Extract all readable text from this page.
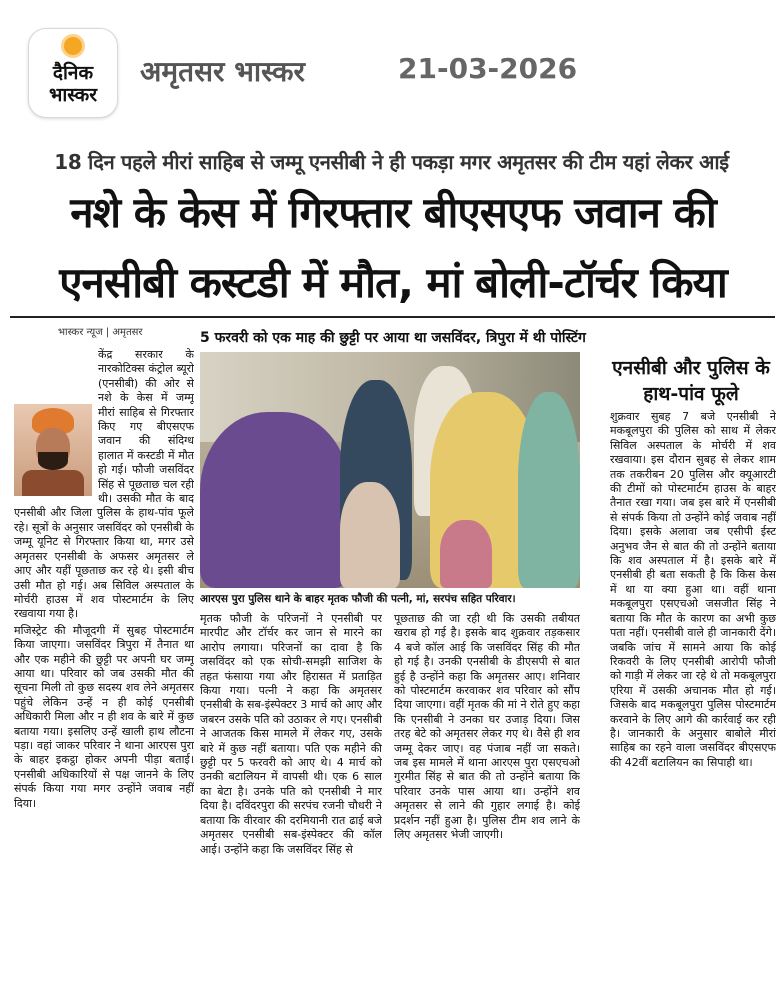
दैनिक
भास्कर
अमृतसर भास्कर	21-03-2026
18 दिन पहले मीरां साहिब से जम्मू एनसीबी ने ही पकड़ा मगर अमृतसर की टीम यहां लेकर आई
नशे के केस में गिरफ्तार बीएसएफ जवान की
एनसीबी कस्टडी में मौत, मां बोली-टॉर्चर किया
भास्कर न्यूज | अमृतसर	5 फरवरी को एक माह की छुट्टी पर आया था जसविंदर, त्रिपुरा में थी पोस्टिंग

केंद्र सरकार के नारकोटिक्स कंट्रोल ब्यूरो (एनसीबी) की ओर से नशे के केस में जम्मू मीरां साहिब से गिरफ्तार किए गए बीएसएफ जवान की संदिग्ध हालात में कस्टडी में मौत हो गई। फौजी जसविंदर सिंह से पूछताछ चल रही थी। उसकी मौत के बाद एनसीबी और जिला पुलिस के हाथ-पांव फूले रहे। सूत्रों के अनुसार जसविंदर को एनसीबी के जम्मू यूनिट से गिरफ्तार किया था, मगर उसे अमृतसर एनसीबी के अफसर अमृतसर ले आए और यहीं पूछताछ कर रहे थे। इसी बीच उसी मौत हो गई। अब सिविल अस्पताल के मोर्चरी हाउस में शव पोस्टमार्टम के लिए रखवाया गया है।

मजिस्ट्रेट की मौजूदगी में सुबह पोस्टमार्टम किया जाएगा। जसविंदर त्रिपुरा में तैनात था और एक महीने की छुट्टी पर अपनी घर जम्मू आया था। परिवार को जब उसकी मौत की सूचना मिली तो कुछ सदस्य शव लेने अमृतसर पहुंचे लेकिन उन्हें न ही कोई एनसीबी अधिकारी मिला और न ही शव के बारे में कुछ बताया गया। इसलिए उन्हें खाली हाथ लौटना पड़ा। वहां जाकर परिवार ने थाना आरएस पुरा के बाहर इकट्ठा होकर अपनी पीड़ा बताई। एनसीबी अधिकारियों से पक्ष जानने के लिए संपर्क किया गया मगर उन्होंने जवाब नहीं दिया।

आरएस पुरा पुलिस थाने के बाहर मृतक फौजी की पत्नी, मां, सरपंच सहित परिवार।
मृतक फौजी के परिजनों ने एनसीबी पर मारपीट और टॉर्चर कर जान से मारने का आरोप लगाया। परिजनों का दावा है कि जसविंदर को एक सोची-समझी साजिश के तहत फंसाया गया और हिरासत में प्रताड़ित किया गया। पत्नी ने कहा कि अमृतसर एनसीबी के सब-इंस्पेक्टर 3 मार्च को आए और जबरन उसके पति को उठाकर ले गए। एनसीबी ने आजतक किस मामले में लेकर गए, उसके बारे में कुछ नहीं बताया। पति एक महीने की छुट्टी पर 5 फरवरी को आए थे। 4 मार्च को उनकी बटालियन में वापसी थी। एक 6 साल का बेटा है। उनके पति को एनसीबी ने मार दिया है। दविंदरपुरा की सरपंच रजनी चौधरी ने बताया कि वीरवार की दरमियानी रात ढाई बजे अमृतसर एनसीबी सब-इंस्पेक्टर की कॉल आई। उन्होंने कहा कि जसविंदर सिंह से
पूछताछ की जा रही थी कि उसकी तबीयत खराब हो गई है। इसके बाद शुक्रवार तड़कसार 4 बजे कॉल आई कि जसविंदर सिंह की मौत हो गई है। उनकी एनसीबी के डीएसपी से बात हुई है उन्होंने कहा कि अमृतसर आए। शनिवार को पोस्टमार्टम करवाकर शव परिवार को सौंप दिया जाएगा। वहीं मृतक की मां ने रोते हुए कहा कि एनसीबी ने उनका घर उजाड़ दिया। जिस तरह बेटे को अमृतसर लेकर गए थे। वैसे ही शव जम्मू देकर जाए। वह पंजाब नहीं जा सकते। जब इस मामले में थाना आरएस पुरा एसएचओ गुरमीत सिंह से बात की तो उन्होंने बताया कि परिवार उनके पास आया था। उन्होंने शव अमृतसर से लाने की गुहार लगाई है। कोई प्रदर्शन नहीं हुआ है। पुलिस टीम शव लाने के लिए अमृतसर भेजी जाएगी।
एनसीबी और पुलिस के हाथ-पांव फूले
शुक्रवार सुबह 7 बजे एनसीबी ने मकबूलपुरा की पुलिस को साथ में लेकर सिविल अस्पताल के मोर्चरी में शव रखवाया। इस दौरान सुबह से लेकर शाम तक तकरीबन 20 पुलिस और क्यूआरटी की टीमों को पोस्टमार्टम हाउस के बाहर तैनात रखा गया। जब इस बारे में एनसीबी से संपर्क किया तो उन्होंने कोई जवाब नहीं दिया। इसके अलावा जब एसीपी ईस्ट अनुभव जैन से बात की तो उन्होंने बताया कि शव अस्पताल में है। इसके बारे में एनसीबी ही बता सकती है कि किस केस में था या क्या हुआ था। वहीं थाना मकबूलपुरा एसएचओ जसजीत सिंह ने बताया कि मौत के कारण का अभी कुछ पता नहीं। एनसीबी वाले ही जानकारी देंगे। जबकि जांच में सामने आया कि कोई रिकवरी के लिए एनसीबी आरोपी फौजी को गाड़ी में लेकर जा रहे थे तो मकबूलपुरा एरिया में उसकी अचानक मौत हो गई। जिसके बाद मकबूलपुरा पुलिस पोस्टमार्टम करवाने के लिए आगे की कार्रवाई कर रही है। जानकारी के अनुसार बाबोले मीरां साहिब का रहने वाला जसविंदर बीएसएफ की 42वीं बटालियन का सिपाही था।
